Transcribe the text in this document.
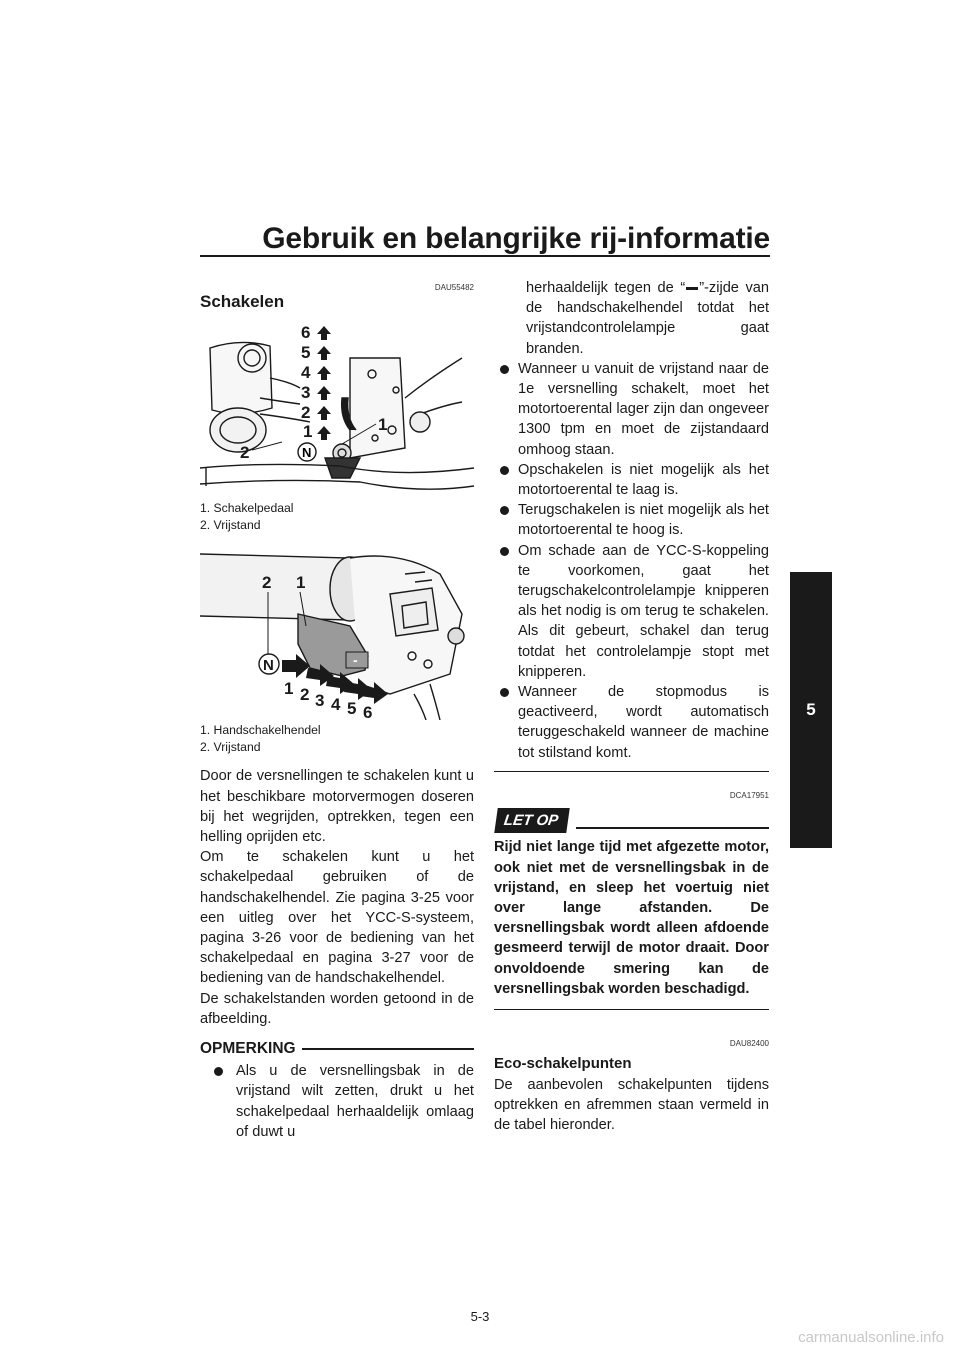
Gebruik en belangrijke rij-informatie
5
DAU55482
Schakelen
6
5
4
3
2
1	1
2	N
1. Schakelpedaal
2. Vrijstand
-
N
1 2 3 4 5 6
2 1
1. Handschakelhendel
2. Vrijstand

Door de versnellingen te schakelen kunt u het beschikbare motorvermogen doseren bij het wegrijden, optrekken, tegen een helling oprijden etc.

Om te schakelen kunt u het schakelpedaal gebruiken of de handschakelhendel. Zie pagina 3-25 voor een uitleg over het YCC-S-systeem, pagina 3-26 voor de bediening van het schakelpedaal en pagina 3-27 voor de bediening van de handschakelhendel.

De schakelstanden worden getoond in de afbeelding.

OPMERKING
Als u de versnellingsbak in de vrijstand wilt zetten, drukt u het schakelpedaal herhaaldelijk omlaag of duwt u
herhaaldelijk tegen de “ ”-zijde van de handschakelhendel totdat het vrijstandcontrolelampje gaat branden.
Wanneer u vanuit de vrijstand naar de 1e versnelling schakelt, moet het motortoerental lager zijn dan ongeveer 1300 tpm en moet de zijstandaard omhoog staan.
Opschakelen is niet mogelijk als het motortoerental te laag is.
Terugschakelen is niet mogelijk als het motortoerental te hoog is.
Om schade aan de YCC-S-koppeling te voorkomen, gaat het terugschakelcontrolelampje knipperen als het nodig is om terug te schakelen. Als dit gebeurt, schakel dan terug totdat het controlelampje stopt met knipperen.
Wanneer de stopmodus is geactiveerd, wordt automatisch teruggeschakeld wanneer de machine tot stilstand komt.
DCA17951
LET OP

Rijd niet lange tijd met afgezette motor, ook niet met de versnellingsbak in de vrijstand, en sleep het voertuig niet over lange afstanden. De versnellingsbak wordt alleen afdoende gesmeerd terwijl de motor draait. Door onvoldoende smering kan de versnellingsbak worden beschadigd.

DAU82400
Eco-schakelpunten

De aanbevolen schakelpunten tijdens optrekken en afremmen staan vermeld in de tabel hieronder.

5-3
carmanualsonline.info
